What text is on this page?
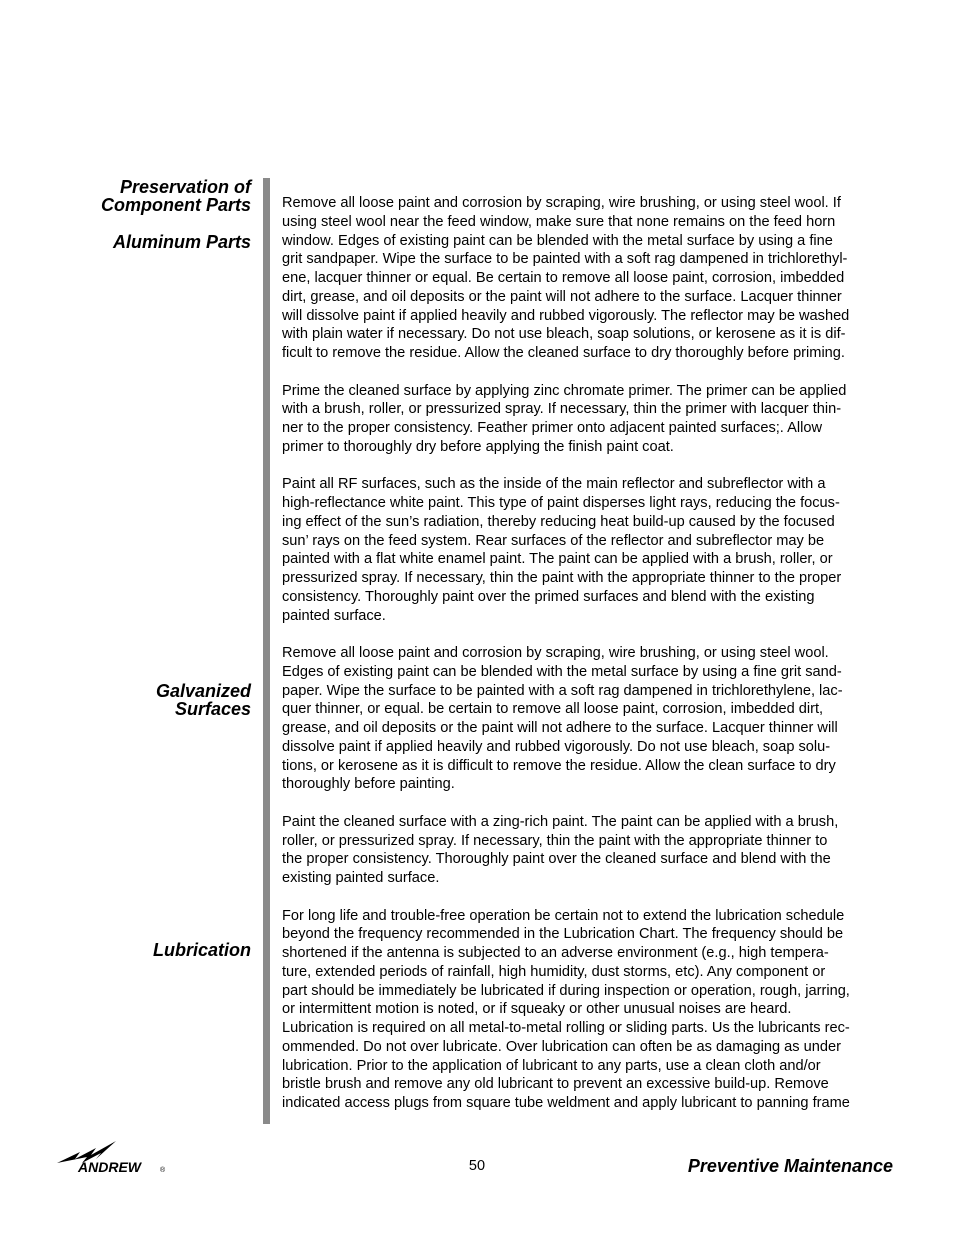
Preservation of
Component Parts
Aluminum Parts
Galvanized
Surfaces
Lubrication

Remove all loose paint and corrosion by scraping, wire brushing, or using steel wool. If
using steel wool near the feed window, make sure that none remains on the feed horn
window. Edges of existing paint can be blended with the metal surface by using a fine
grit sandpaper. Wipe the surface to be painted with a soft rag dampened in trichlorethyl-
ene, lacquer thinner or equal. Be certain to remove all loose paint, corrosion, imbedded
dirt, grease, and oil deposits or the paint will not adhere to the surface. Lacquer thinner
will dissolve paint if applied heavily and rubbed vigorously. The reflector may be washed
with plain water if necessary. Do not use bleach, soap solutions, or kerosene as it is dif-
ficult to remove the residue. Allow the cleaned surface to dry thoroughly before priming.

Prime the cleaned surface by applying zinc chromate primer. The primer can be applied
with a brush, roller, or pressurized spray. If necessary, thin the primer with lacquer thin-
ner to the proper consistency. Feather primer onto adjacent painted surfaces;. Allow
primer to thoroughly dry before applying the finish paint coat.

Paint all RF surfaces, such as the inside of the main reflector and subreflector with a
high-reflectance white paint. This type of paint disperses light rays, reducing the focus-
ing effect of the sun’s radiation, thereby reducing heat build-up caused by the focused
sun’ rays on the feed system. Rear surfaces of the reflector and subreflector may be
painted with a flat white enamel paint. The paint can be applied with a brush, roller, or
pressurized spray. If necessary, thin the paint with the appropriate thinner to the proper
consistency. Thoroughly paint over the primed surfaces and blend with the existing
painted surface.

Remove all loose paint and corrosion by scraping, wire brushing, or using steel wool.
Edges of existing paint can be blended with the metal surface by using a fine grit sand-
paper. Wipe the surface to be painted with a soft rag dampened in trichlorethylene, lac-
quer thinner, or equal. be certain to remove all loose paint, corrosion, imbedded dirt,
grease, and oil deposits or the paint will not adhere to the surface. Lacquer thinner will
dissolve paint if applied heavily and rubbed vigorously. Do not use bleach, soap solu-
tions, or kerosene as it is difficult to remove the residue. Allow the clean surface to dry
thoroughly before painting.

Paint the cleaned surface with a zing-rich paint. The paint can be applied with a brush,
roller, or pressurized spray. If necessary, thin the paint with the appropriate thinner to
the proper consistency. Thoroughly paint over the cleaned surface and blend with the
existing painted surface.

For long life and trouble-free operation be certain not to extend the lubrication schedule
beyond the frequency recommended in the Lubrication Chart. The frequency should be
shortened if the antenna is subjected to an adverse environment (e.g., high tempera-
ture, extended periods of rainfall, high humidity, dust storms, etc). Any component or
part should be immediately be lubricated if during inspection or operation, rough, jarring,
or intermittent motion is noted, or if squeaky or other unusual noises are heard.
Lubrication is required on all metal-to-metal rolling or sliding parts. Us the lubricants rec-
ommended. Do not over lubricate. Over lubrication can often be as damaging as under
lubrication. Prior to the application of lubricant to any parts, use a clean cloth and/or
bristle brush and remove any old lubricant to prevent an excessive build-up. Remove
indicated access plugs from square tube weldment and apply lubricant to panning frame

ANDREW	®	50	Preventive Maintenance
